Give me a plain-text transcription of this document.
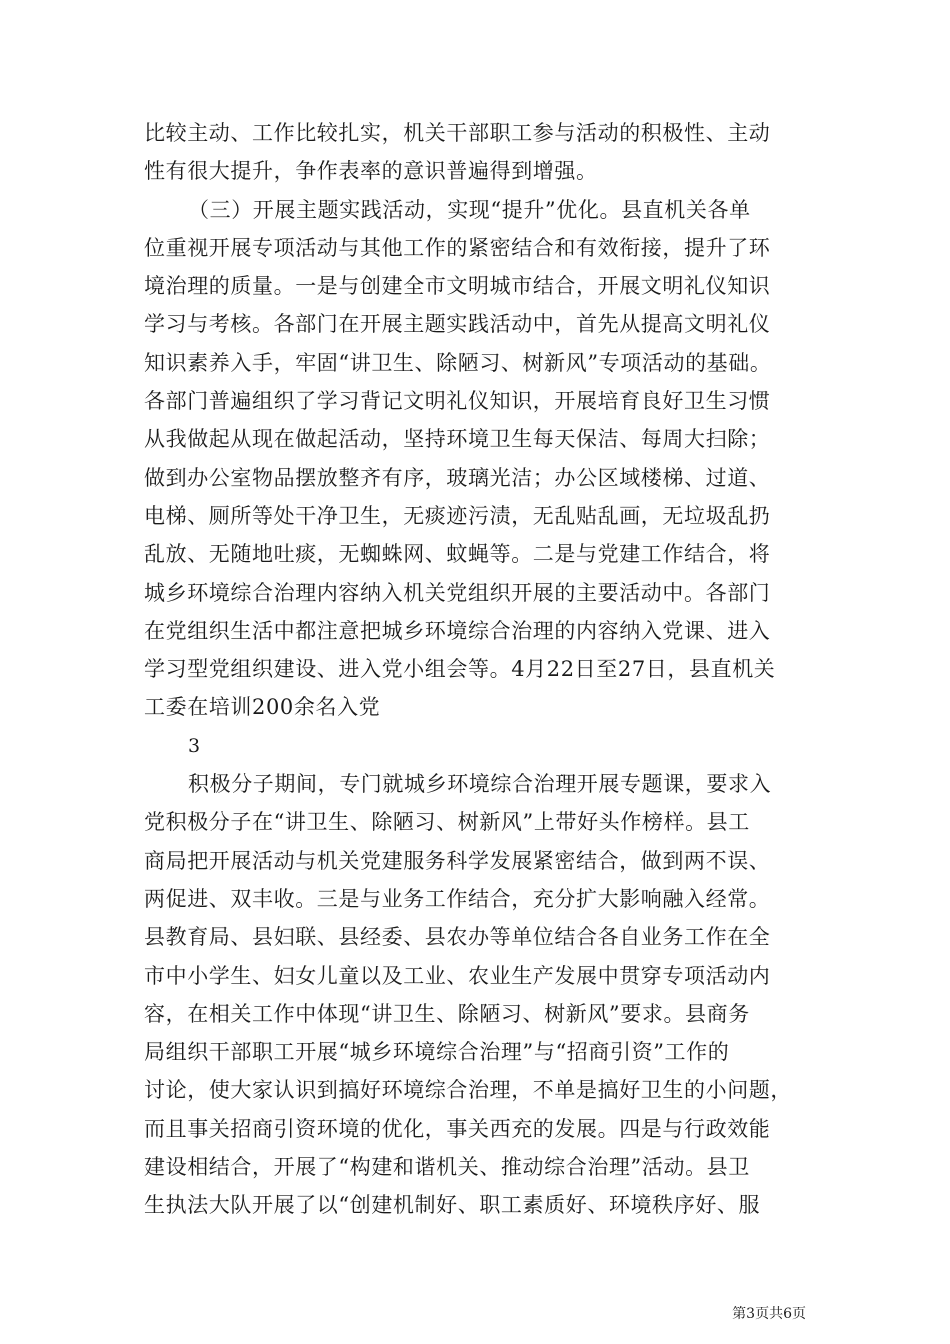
比较主动、工作比较扎实，机关干部职工参与活动的积极性、主动
性有很大提升，争作表率的意识普遍得到增强。
（三）开展主题实践活动，实现“提升”优化。县直机关各单
位重视开展专项活动与其他工作的紧密结合和有效衔接，提升了环
境治理的质量。一是与创建全市文明城市结合，开展文明礼仪知识
学习与考核。各部门在开展主题实践活动中，首先从提高文明礼仪
知识素养入手，牢固“讲卫生、除陋习、树新风”专项活动的基础。
各部门普遍组织了学习背记文明礼仪知识，开展培育良好卫生习惯
从我做起从现在做起活动，坚持环境卫生每天保洁、每周大扫除；
做到办公室物品摆放整齐有序，玻璃光洁；办公区域楼梯、过道、
电梯、厕所等处干净卫生，无痰迹污渍，无乱贴乱画，无垃圾乱扔
乱放、无随地吐痰，无蜘蛛网、蚊蝇等。二是与党建工作结合，将
城乡环境综合治理内容纳入机关党组织开展的主要活动中。各部门
在党组织生活中都注意把城乡环境综合治理的内容纳入党课、进入
学习型党组织建设、进入党小组会等。4月22日至27日，县直机关
工委在培训200余名入党
3
积极分子期间，专门就城乡环境综合治理开展专题课，要求入
党积极分子在“讲卫生、除陋习、树新风”上带好头作榜样。县工
商局把开展活动与机关党建服务科学发展紧密结合，做到两不误、
两促进、双丰收。三是与业务工作结合，充分扩大影响融入经常。
县教育局、县妇联、县经委、县农办等单位结合各自业务工作在全
市中小学生、妇女儿童以及工业、农业生产发展中贯穿专项活动内
容，在相关工作中体现“讲卫生、除陋习、树新风”要求。县商务
局组织干部职工开展“城乡环境综合治理”与“招商引资”工作的
讨论，使大家认识到搞好环境综合治理，不单是搞好卫生的小问题，
而且事关招商引资环境的优化，事关西充的发展。四是与行政效能
建设相结合，开展了“构建和谐机关、推动综合治理”活动。县卫
生执法大队开展了以“创建机制好、职工素质好、环境秩序好、服
第3页共6页
